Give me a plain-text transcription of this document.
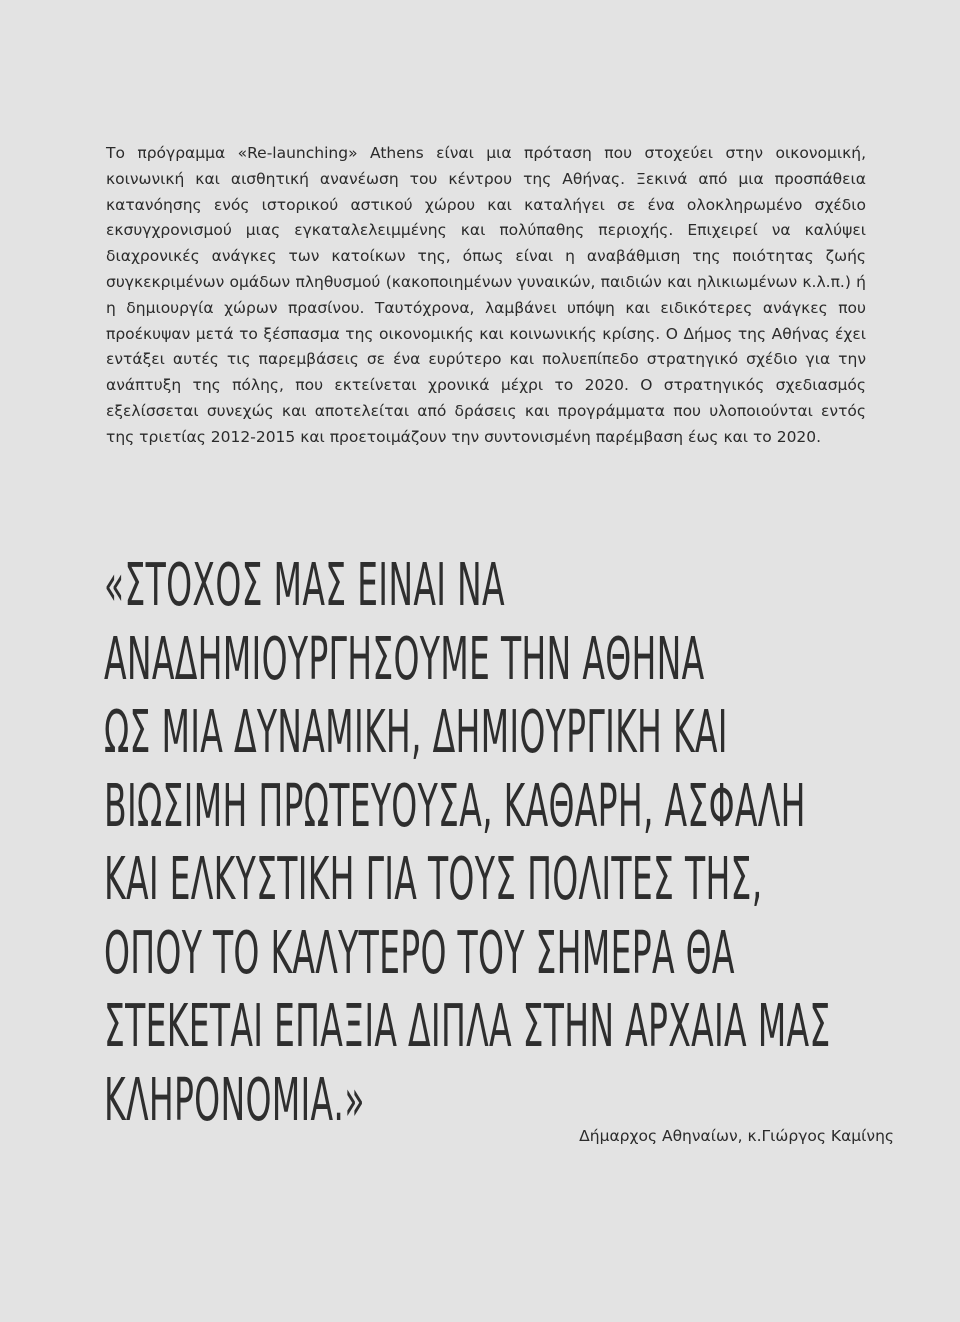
Το πρόγραμμα «Re-launching» Athens είναι μια πρόταση που στοχεύει στην οικονομική, κοινωνική και αισθητική ανανέωση του κέντρου της Αθήνας. Ξεκινά από μια προσπάθεια κατανόησης ενός ιστορικού αστικού χώρου και καταλήγει σε ένα ολοκληρωμένο σχέδιο εκσυγχρονισμού μιας εγκαταλελειμμένης και πολύπαθης περιοχής. Επιχειρεί να καλύψει διαχρονικές ανάγκες των κατοίκων της, όπως είναι η αναβάθμιση της ποιότητας ζωής συγκεκριμένων ομάδων πληθυσμού (κακοποιημένων γυναικών, παιδιών και ηλικιωμένων κ.λ.π.) ή η δημιουργία χώρων πρασίνου. Ταυτόχρονα, λαμβάνει υπόψη και ειδικότερες ανάγκες που προέκυψαν μετά το ξέσπασμα της οικονομικής και κοινωνικής κρίσης. Ο Δήμος της Αθήνας έχει εντάξει αυτές τις παρεμβάσεις σε ένα ευρύτερο και πολυεπίπεδο στρατηγικό σχέδιο για την ανάπτυξη της πόλης, που εκτείνεται χρονικά μέχρι το 2020. Ο στρατηγικός σχεδιασμός εξελίσσεται συνεχώς και αποτελείται από δράσεις και προγράμματα που υλοποιούνται εντός της τριετίας 2012-2015 και προετοιμάζουν την συντονισμένη παρέμβαση έως και το 2020.

«ΣΤΟΧΟΣ ΜΑΣ ΕΙΝΑΙ ΝΑ
ΑΝΑΔΗΜΙΟΥΡΓΗΣΟΥΜΕ ΤΗΝ ΑΘΗΝΑ
ΩΣ ΜΙΑ ΔΥΝΑΜΙΚΗ, ΔΗΜΙΟΥΡΓΙΚΗ ΚΑΙ
ΒΙΩΣΙΜΗ ΠΡΩΤΕΥΟΥΣΑ, ΚΑΘΑΡΗ, ΑΣΦΑΛΗ
ΚΑΙ ΕΛΚΥΣΤΙΚΗ ΓΙΑ ΤΟΥΣ ΠΟΛΙΤΕΣ ΤΗΣ,
ΟΠΟΥ ΤΟ ΚΑΛΥΤΕΡΟ ΤΟΥ ΣΗΜΕΡΑ ΘΑ
ΣΤΕΚΕΤΑΙ ΕΠΑΞΙΑ ΔΙΠΛΑ ΣΤΗΝ ΑΡΧΑΙΑ ΜΑΣ
ΚΛΗΡΟΝΟΜΙΑ.»

Δήμαρχος Αθηναίων, κ.Γιώργος Καμίνης
